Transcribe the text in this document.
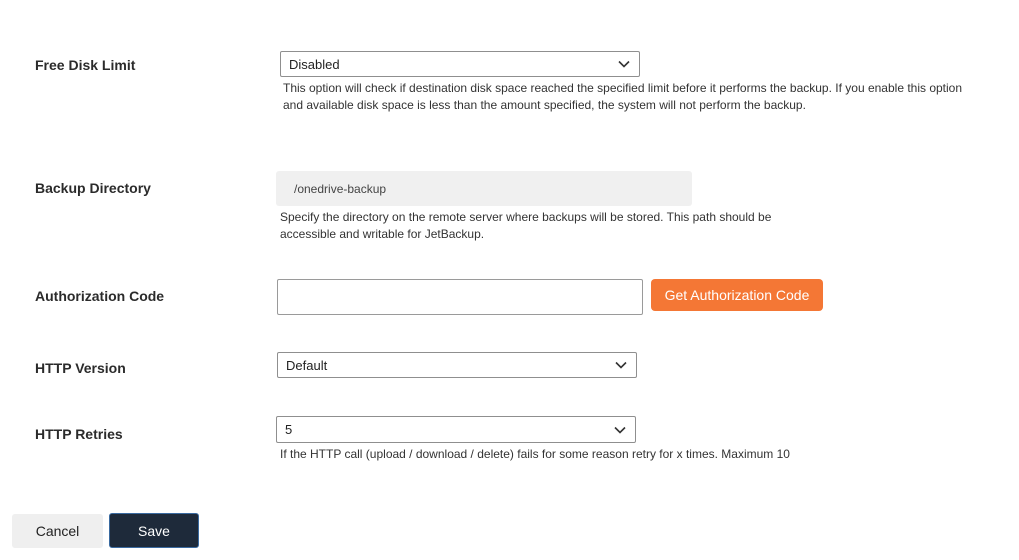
Free Disk Limit	Disabled
This option will check if destination disk space reached the specified limit before it performs the backup. If you enable this option and available disk space is less than the amount specified, the system will not perform the backup.
Backup Directory	/onedrive-backup
Specify the directory on the remote server where backups will be stored. This path should be accessible and writable for JetBackup.
Authorization Code	Get Authorization Code
HTTP Version	Default
HTTP Retries	5
If the HTTP call (upload / download / delete) fails for some reason retry for x times. Maximum 10
Cancel	Save
